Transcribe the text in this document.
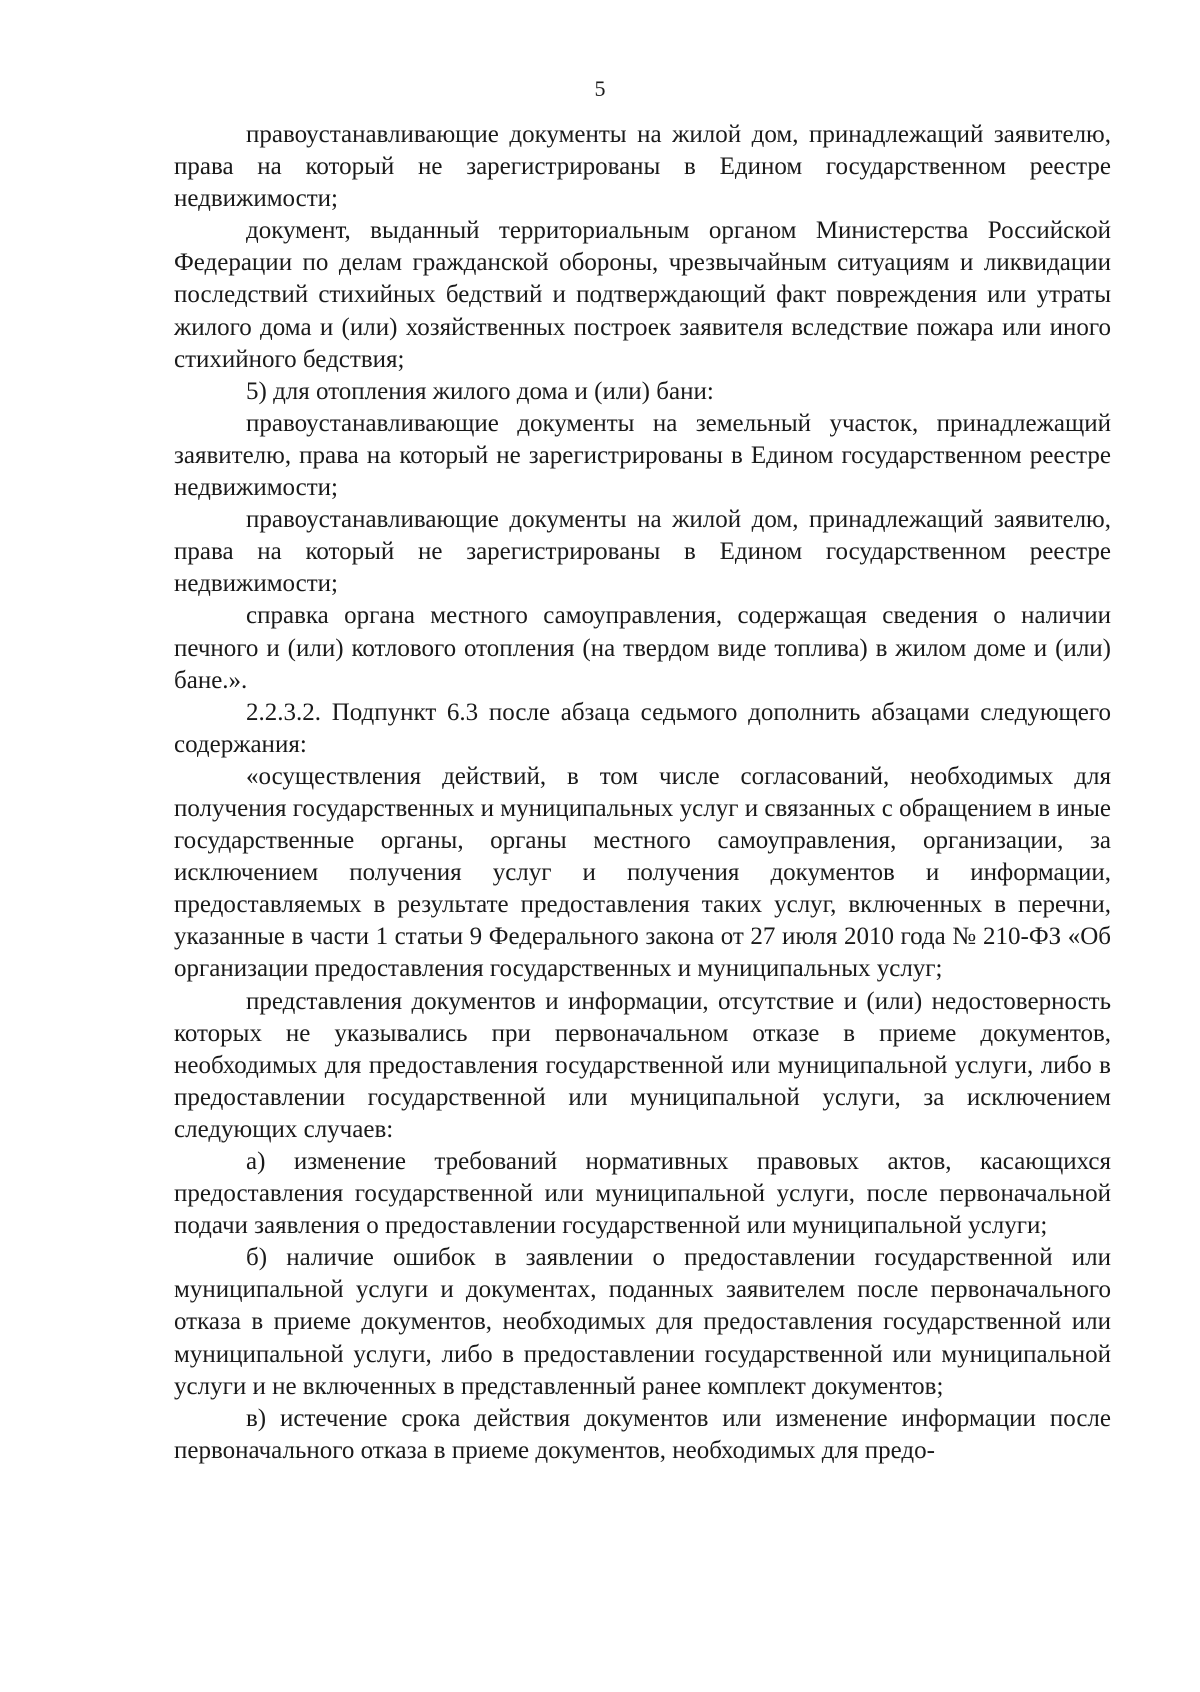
5

правоустанавливающие документы на жилой дом, принадлежащий заявителю, права на который не зарегистрированы в Едином государственном реестре недвижимости;

документ, выданный территориальным органом Министерства Российской Федерации по делам гражданской обороны, чрезвычайным ситуациям и ликвидации последствий стихийных бедствий и подтверждающий факт повреждения или утраты жилого дома и (или) хозяйственных построек заявителя вследствие пожара или иного стихийного бедствия;

5) для отопления жилого дома и (или) бани:

правоустанавливающие документы на земельный участок, принадлежащий заявителю, права на который не зарегистрированы в Едином государственном реестре недвижимости;

правоустанавливающие документы на жилой дом, принадлежащий заявителю, права на который не зарегистрированы в Едином государственном реестре недвижимости;

справка органа местного самоуправления, содержащая сведения о наличии печного и (или) котлового отопления (на твердом виде топлива) в жилом доме и (или) бане.».

2.2.3.2. Подпункт 6.3 после абзаца седьмого дополнить абзацами следующего содержания:

«осуществления действий, в том числе согласований, необходимых для получения государственных и муниципальных услуг и связанных с обращением в иные государственные органы, органы местного самоуправления, организации, за исключением получения услуг и получения документов и информации, предоставляемых в результате предоставления таких услуг, включенных в перечни, указанные в части 1 статьи 9 Федерального закона от 27 июля 2010 года № 210-ФЗ «Об организации предоставления государственных и муниципальных услуг;

представления документов и информации, отсутствие и (или) недостоверность которых не указывались при первоначальном отказе в приеме документов, необходимых для предоставления государственной или муниципальной услуги, либо в предоставлении государственной или муниципальной услуги, за исключением следующих случаев:

а) изменение требований нормативных правовых актов, касающихся предоставления государственной или муниципальной услуги, после первоначальной подачи заявления о предоставлении государственной или муниципальной услуги;

б) наличие ошибок в заявлении о предоставлении государственной или муниципальной услуги и документах, поданных заявителем после первоначального отказа в приеме документов, необходимых для предоставления государственной или муниципальной услуги, либо в предоставлении государственной или муниципальной услуги и не включенных в представленный ранее комплект документов;

в) истечение срока действия документов или изменение информации после первоначального отказа в приеме документов, необходимых для предо-
